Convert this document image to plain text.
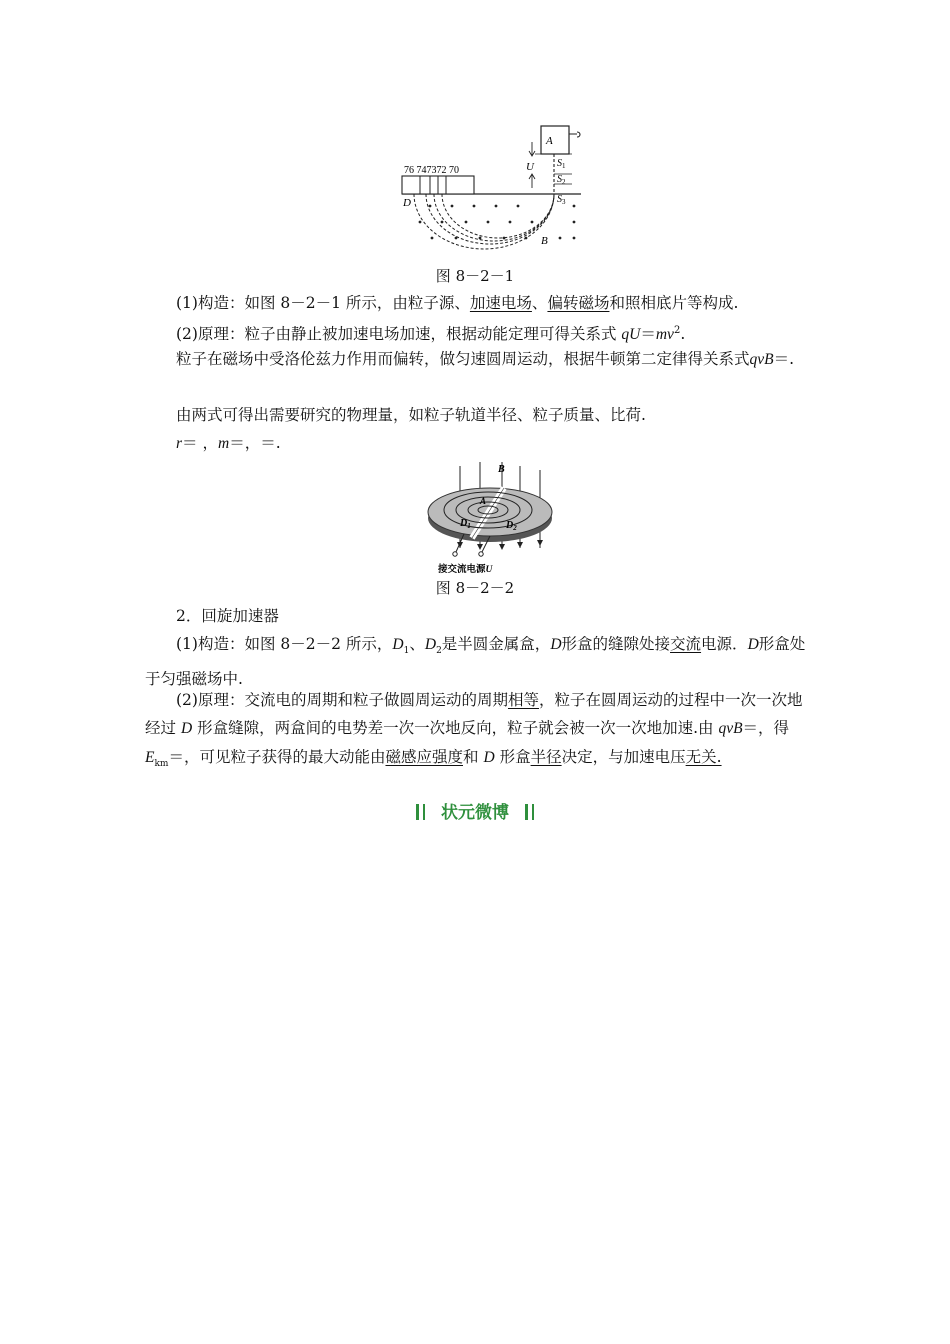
A
U $S_1$
$S_2$
$S_3$
76 747372 70
D
B
图 8－2－1

(1)构造：如图 8－2－1 所示，由粒子源、加速电场、偏转磁场和照相底片等构成.

(2)原理：粒子由静止被加速电场加速，根据动能定理可得关系式 $qU=mv^2$.

粒子在磁场中受洛伦兹力作用而偏转，做匀速圆周运动，根据牛顿第二定律得关系式qvB＝.

由两式可得出需要研究的物理量，如粒子轨道半径、粒子质量、比荷.

r＝ ，m＝，＝.

B
A
$D_1$	$D_2$
接交流电源U
图 8－2－2

2．回旋加速器

(1)构造：如图 8－2－2 所示，$D_1$、$D_2$是半圆金属盒，D形盒的缝隙处接交流电源．D形盒处于匀强磁场中.

(2)原理：交流电的周期和粒子做圆周运动的周期相等，粒子在圆周运动的过程中一次一次地经过 D 形盒缝隙，两盒间的电势差一次一次地反向，粒子就会被一次一次地加速.由 qvB＝，得 $E_{km}=$，可见粒子获得的最大动能由磁感应强度和 D 形盒半径决定，与加速电压无关.

状元微博
